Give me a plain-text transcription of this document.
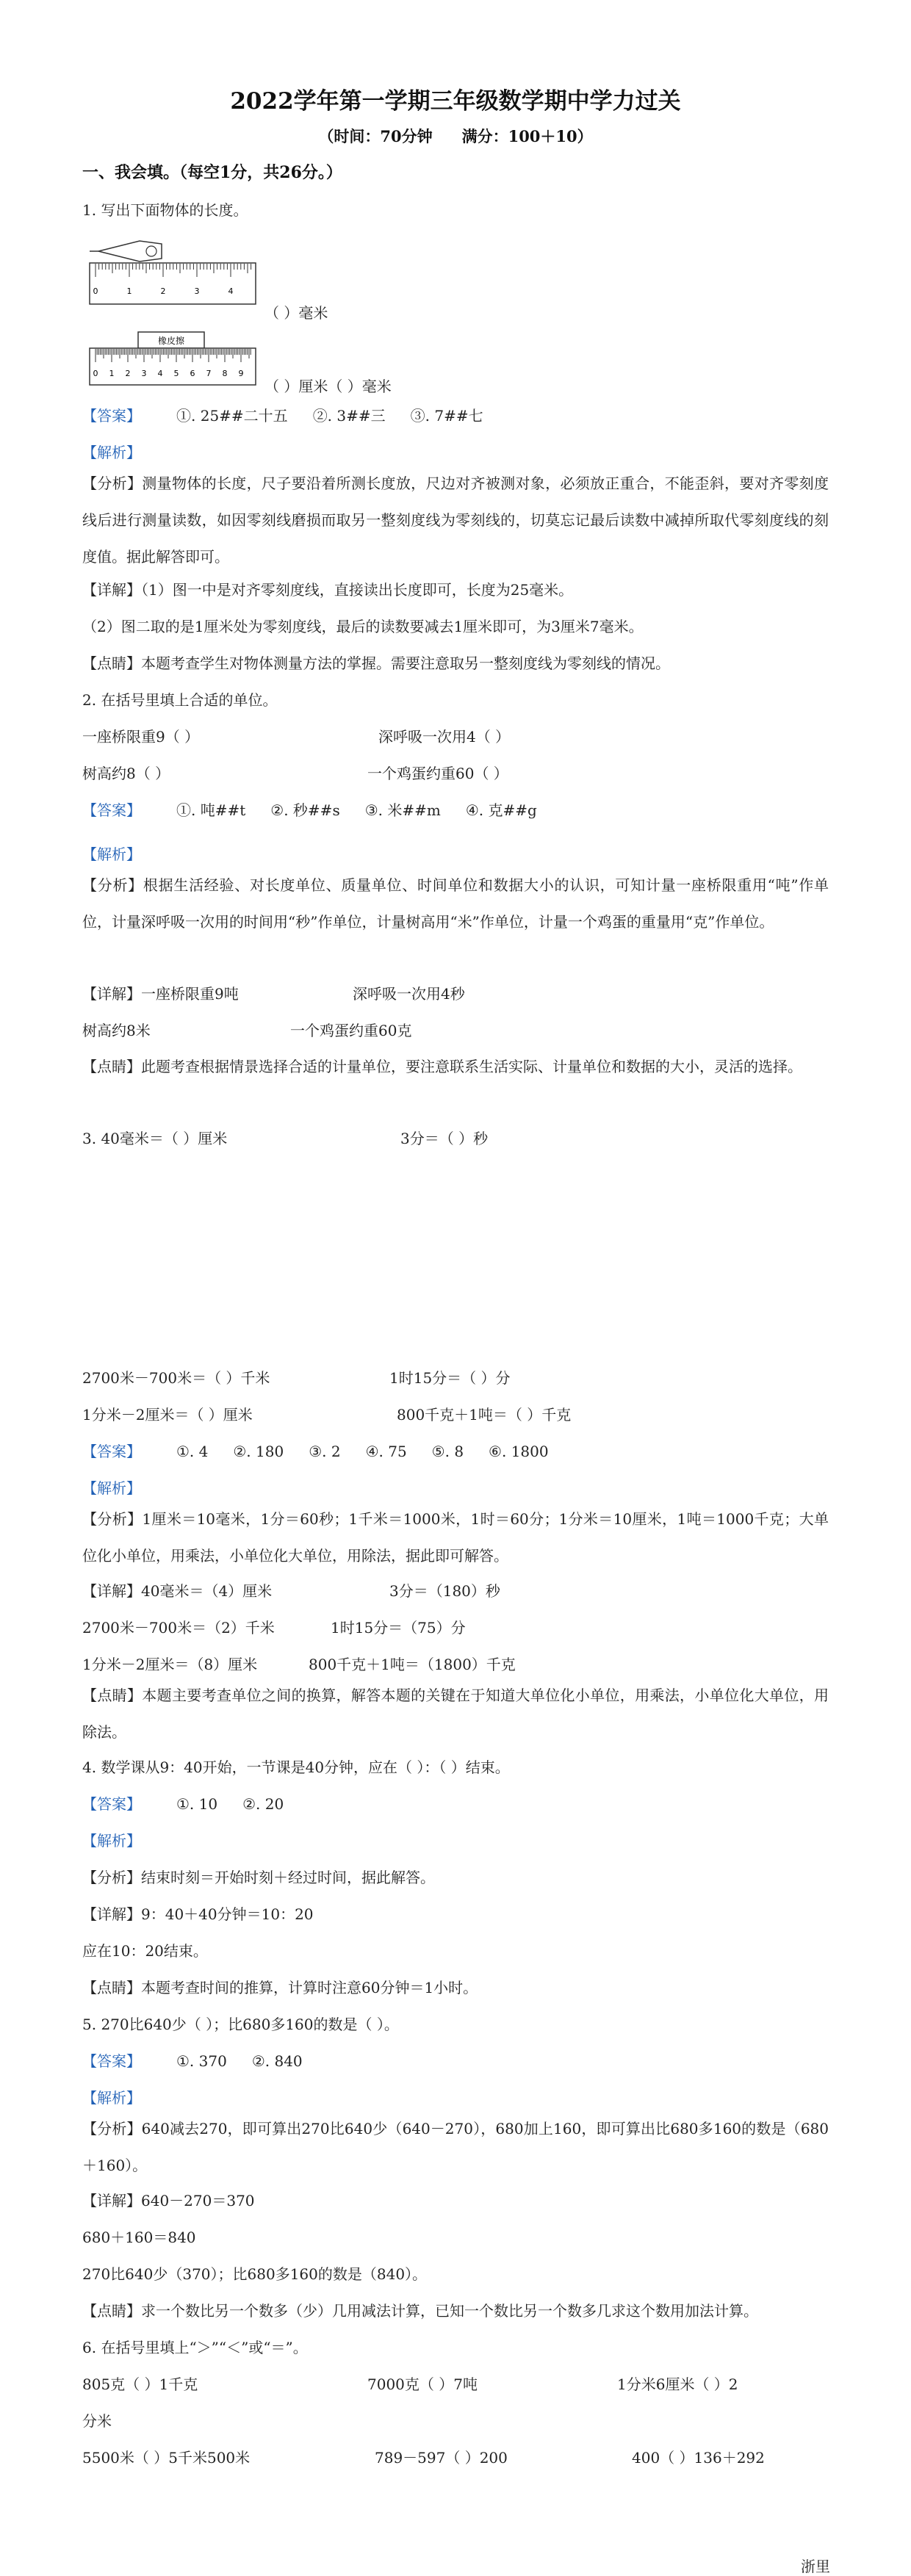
2022学年第一学期三年级数学期中学力过关
（时间：70分钟 满分：100＋10）
一、我会填。（每空1分，共26分。）
1. 写出下面物体的长度。
0	1	2	3	4
（ ）毫米
橡皮擦
0 1 2 3 4 5 6 7 8 9
（ ）厘米（ ）毫米
【答案】 ①. 25##二十五 ②. 3##三 ③. 7##七
【解析】
【分析】测量物体的长度，尺子要沿着所测长度放，尺边对齐被测对象，必须放正重合，不能歪斜，要对齐零刻度线后进行测量读数，如因零刻线磨损而取另一整刻度线为零刻线的，切莫忘记最后读数中减掉所取代零刻度线的刻度值。据此解答即可。
【详解】（1）图一中是对齐零刻度线，直接读出长度即可，长度为25毫米。
（2）图二取的是1厘米处为零刻度线，最后的读数要减去1厘米即可，为3厘米7毫米。
【点睛】本题考查学生对物体测量方法的掌握。需要注意取另一整刻度线为零刻线的情况。
2. 在括号里填上合适的单位。
一座桥限重9（ ）	深呼吸一次用4（ ）
树高约8（ ）	一个鸡蛋约重60（ ）
【答案】 ①. 吨##t ②. 秒##s ③. 米##m ④. 克##g
【解析】
【分析】根据生活经验、对长度单位、质量单位、时间单位和数据大小的认识，可知计量一座桥限重用“吨”作单位，计量深呼吸一次用的时间用“秒”作单位，计量树高用“米”作单位，计量一个鸡蛋的重量用“克”作单位。
【详解】一座桥限重9吨	深呼吸一次用4秒
树高约8米	一个鸡蛋约重60克
【点睛】此题考查根据情景选择合适的计量单位，要注意联系生活实际、计量单位和数据的大小，灵活的选择。
3. 40毫米＝（ ）厘米	3分＝（ ）秒
2700米－700米＝（ ）千米	1时15分＝（ ）分
1分米－2厘米＝（ ）厘米	800千克＋1吨＝（ ）千克
【答案】 ①. 4 ②. 180 ③. 2 ④. 75 ⑤. 8 ⑥. 1800
【解析】
【分析】1厘米＝10毫米，1分＝60秒；1千米＝1000米，1时＝60分；1分米＝10厘米，1吨＝1000千克；大单位化小单位，用乘法，小单位化大单位，用除法，据此即可解答。
【详解】40毫米＝（4）厘米	3分＝（180）秒
2700米－700米＝（2）千米	1时15分＝（75）分
1分米－2厘米＝（8）厘米	800千克＋1吨＝（1800）千克
【点睛】本题主要考查单位之间的换算，解答本题的关键在于知道大单位化小单位，用乘法，小单位化大单位，用除法。
4. 数学课从9：40开始，一节课是40分钟，应在（ ）：（ ）结束。
【答案】 ①. 10 ②. 20
【解析】
【分析】结束时刻＝开始时刻＋经过时间，据此解答。
【详解】9：40＋40分钟＝10：20
应在10：20结束。
【点睛】本题考查时间的推算，计算时注意60分钟＝1小时。
5. 270比640少（ ）；比680多160的数是（ ）。
【答案】 ①. 370 ②. 840
【解析】
【分析】640减去270，即可算出270比640少（640－270），680加上160，即可算出比680多160的数是（680＋160）。
【详解】640－270＝370
680＋160＝840
270比640少（370）；比680多160的数是（840）。
【点睛】求一个数比另一个数多（少）几用减法计算，已知一个数比另一个数多几求这个数用加法计算。
6. 在括号里填上“＞”“＜”或“＝”。
805克（ ）1千克	7000克（ ）7吨	1分米6厘米（ ）2
分米
5500米（ ）5千米500米	789－597（ ）200	400（ ）136＋292
浙里
